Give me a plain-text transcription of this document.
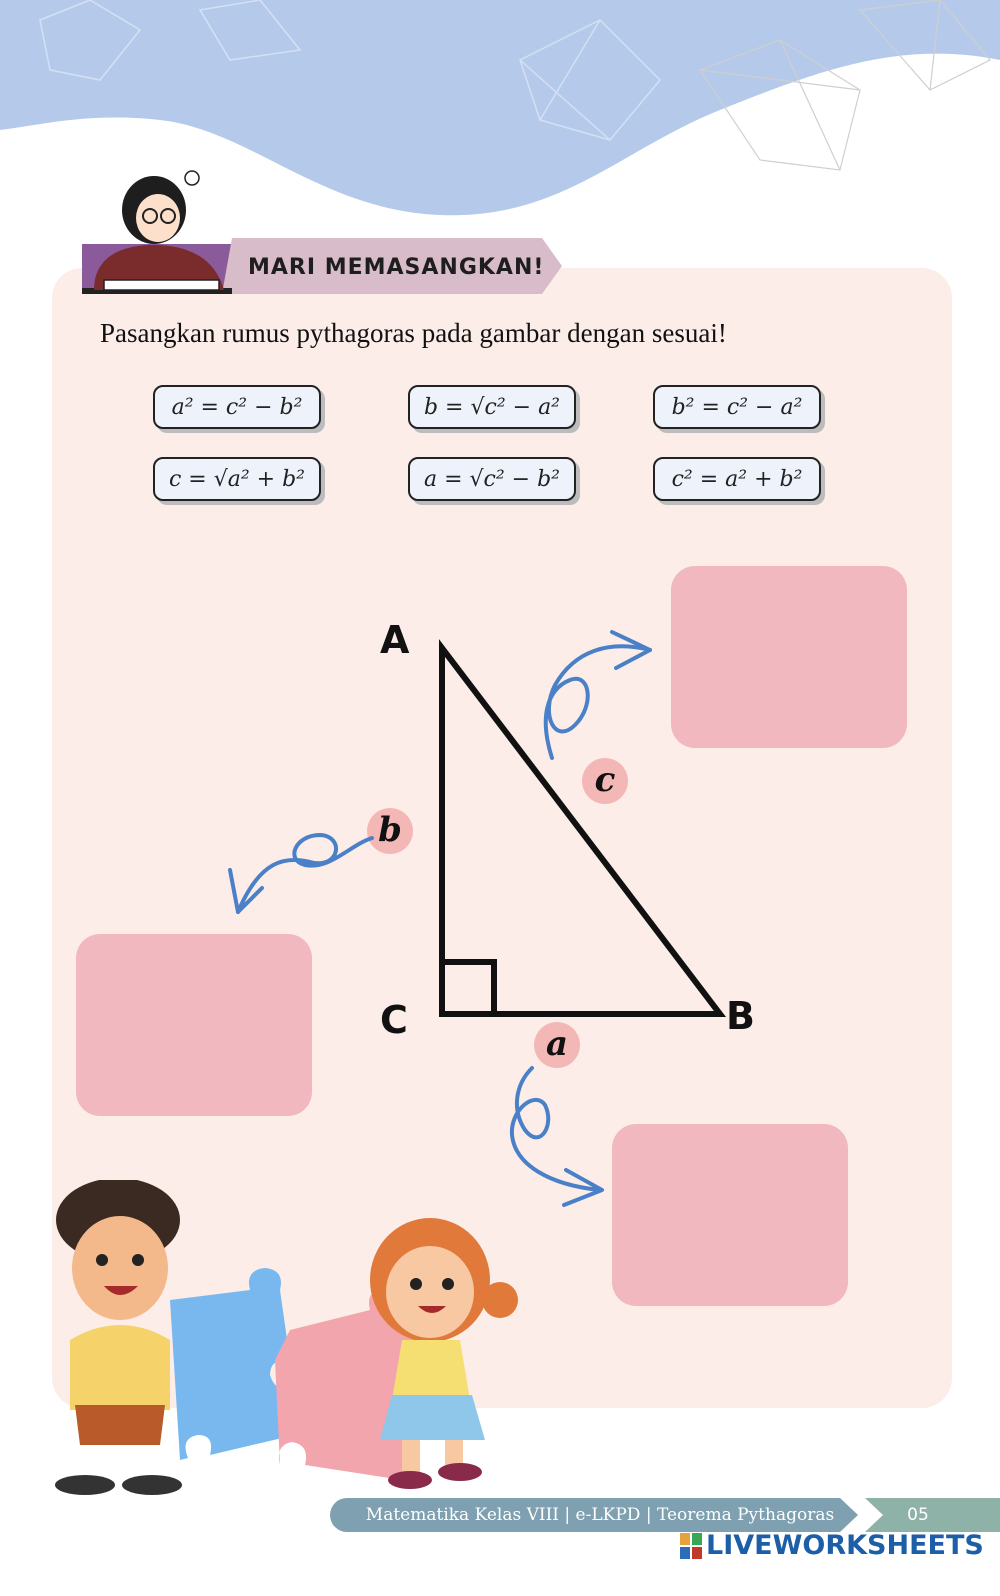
MARI MEMASANGKAN!
Pasangkan rumus pythagoras pada gambar dengan sesuai!
a² = c² − b²	b = √c² − a²	b² = c² − a²
c = √a² + b²	a = √c² − b²	c² = a² + b²
A
B
C
c
b
a
Matematika Kelas VIII | e-LKPD | Teorema Pythagoras	05
LIVEWORKSHEETS
